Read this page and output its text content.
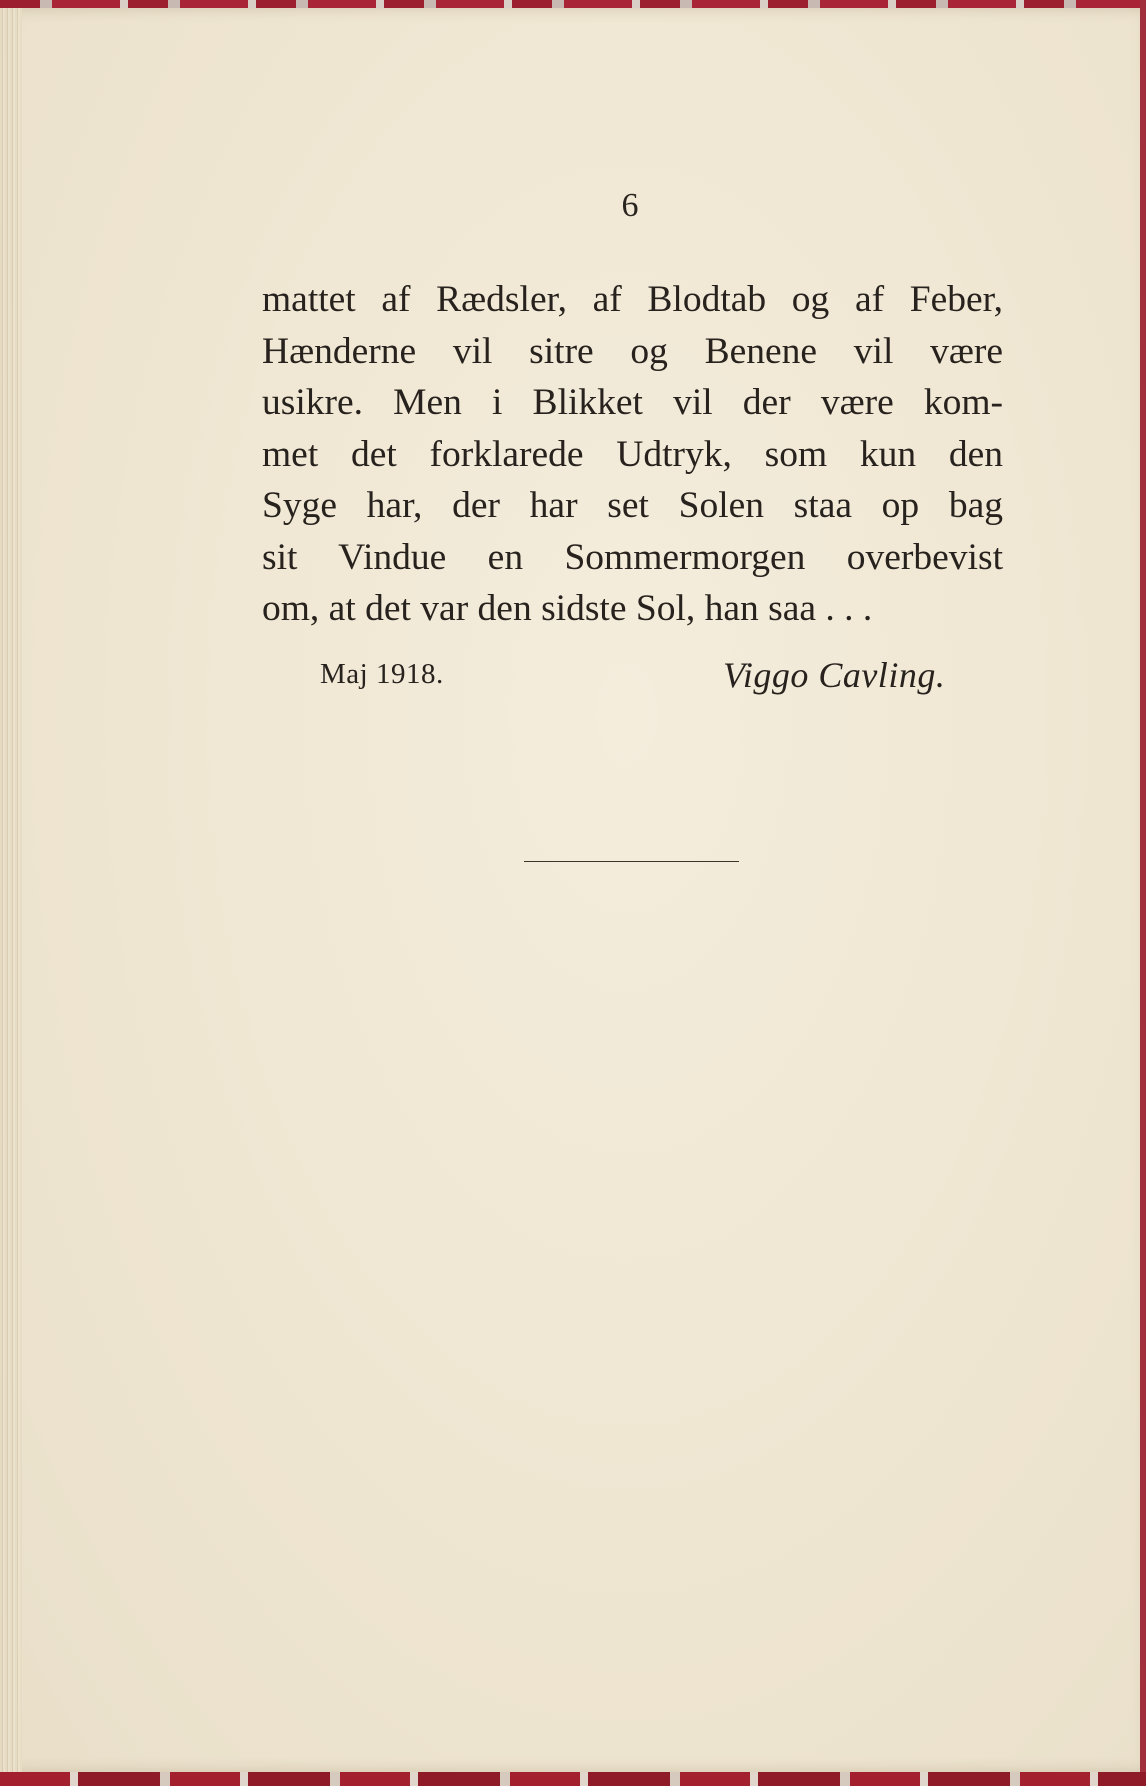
6
mattet af Rædsler, af Blodtab og af Feber,
Hænderne vil sitre og Benene vil være
usikre. Men i Blikket vil der være kom-
met det forklarede Udtryk, som kun den
Syge har, der har set Solen staa op bag
sit Vindue en Sommermorgen overbevist
om, at det var den sidste Sol, han saa . . .
Maj 1918.	Viggo Cavling.
